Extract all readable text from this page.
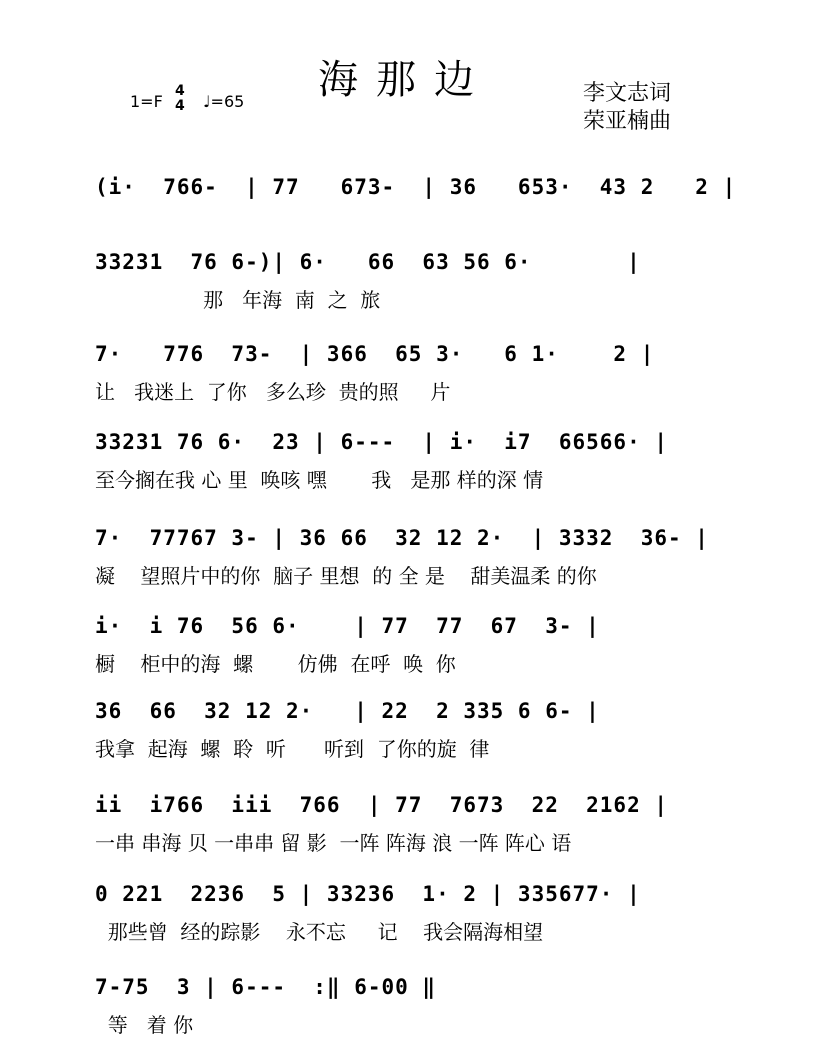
海那边
1=F
4
4 ♩=65	李文志词
荣亚楠曲
(i·  766-  | 77   673-  | 36   653·  43 2   2 |
33231  76 6-)| 6·   66  63 56 6·       |
那   年海  南  之  旅
7·   776  73-  | 366  65 3·   6 1·    2 |
让   我迷上  了你   多么珍  贵的照     片
33231 76 6·  23 | 6---  | i·  i7  66566· |
至今搁在我 心 里  唤咳 嘿       我   是那 样的深 情
7·  77767 3- | 36 66  32 12 2·  | 3332  36- |
凝    望照片中的你  脑子 里想  的 全 是    甜美温柔 的你
i·  i 76  56 6·    | 77  77  67  3- |
橱    柜中的海  螺       仿佛  在呼  唤  你
36  66  32 12 2·   | 22  2 335 6 6- |
我拿  起海  螺  聆  听      听到  了你的旋  律
ii  i766  iii  766  | 77  7673  22  2162 |
一串 串海 贝 一串串 留 影  一阵 阵海 浪 一阵 阵心 语
0 221  2236  5 | 33236  1· 2 | 335677· |
那些曾  经的踪影    永不忘     记    我会隔海相望
7-75  3 | 6---  :‖ 6-00 ‖
等   着 你
